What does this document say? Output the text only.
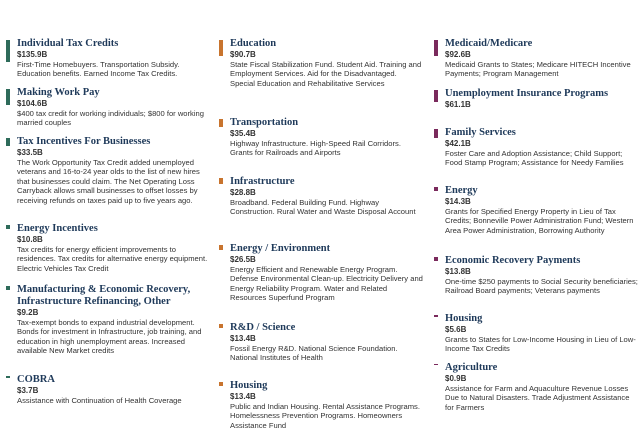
Individual Tax Credits
$135.9B
First-Time Homebuyers. Transportation Subsidy. Education benefits. Earned Income Tax Credits.
Making Work Pay
$104.6B
$400 tax credit for working individuals; $800 for working married couples
Tax Incentives For Businesses
$33.5B
The Work Opportunity Tax Credit added unemployed veterans and 16-to-24 year olds to the list of new hires that businesses could claim. The Net Operating Loss Carryback allows small businesses to offset losses by receiving refunds on taxes paid up to five years ago.
Energy Incentives
$10.8B
Tax credits for energy efficient improvements to residences. Tax credits for alternative energy equipment. Electric Vehicles Tax Credit
Manufacturing & Economic Recovery, Infrastructure Refinancing, Other
$9.2B
Tax-exempt bonds to expand industrial development. Bonds for investment in Infrastructure, job training, and education in high unemployment areas. Increased available New Market credits
COBRA
$3.7B
Assistance with Continuation of Health Coverage
Education
$90.7B
State Fiscal Stabilization Fund. Student Aid. Training and Employment Services. Aid for the Disadvantaged. Special Education and Rehabilitative Services
Transportation
$35.4B
Highway Infrastructure. High-Speed Rail Corridors. Grants for Railroads and Airports
Infrastructure
$28.8B
Broadband. Federal Building Fund. Highway Construction. Rural Water and Waste Disposal Account
Energy / Environment
$26.5B
Energy Efficient and Renewable Energy Program. Defense Environmental Clean-up. Electricity Delivery and Energy Reliability Program. Water and Related Resources Superfund Program
R&D / Science
$13.4B
Fossil Energy R&D. National Science Foundation. National Institutes of Health
Housing
$13.4B
Public and Indian Housing. Rental Assistance Programs. Homelessness Prevention Programs. Homeowners Assistance Fund
Medicaid/Medicare
$92.6B
Medicaid Grants to States; Medicare HITECH Incentive Payments; Program Management
Unemployment Insurance Programs
$61.1B
Family Services
$42.1B
Foster Care and Adoption Assistance; Child Support; Food Stamp Program; Assistance for Needy Families
Energy
$14.3B
Grants for Specified Energy Property in Lieu of Tax Credits; Bonneville Power Administration Fund; Western Area Power Administration, Borrowing Authority
Economic Recovery Payments
$13.8B
One-time $250 payments to Social Security beneficiaries; Railroad Board payments; Veterans payments
Housing
$5.6B
Grants to States for Low-Income Housing in Lieu of Low-Income Tax Credits
Agriculture
$0.9B
Assistance for Farm and Aquaculture Revenue Losses Due to Natural Disasters. Trade Adjustment Assistance for Farmers
